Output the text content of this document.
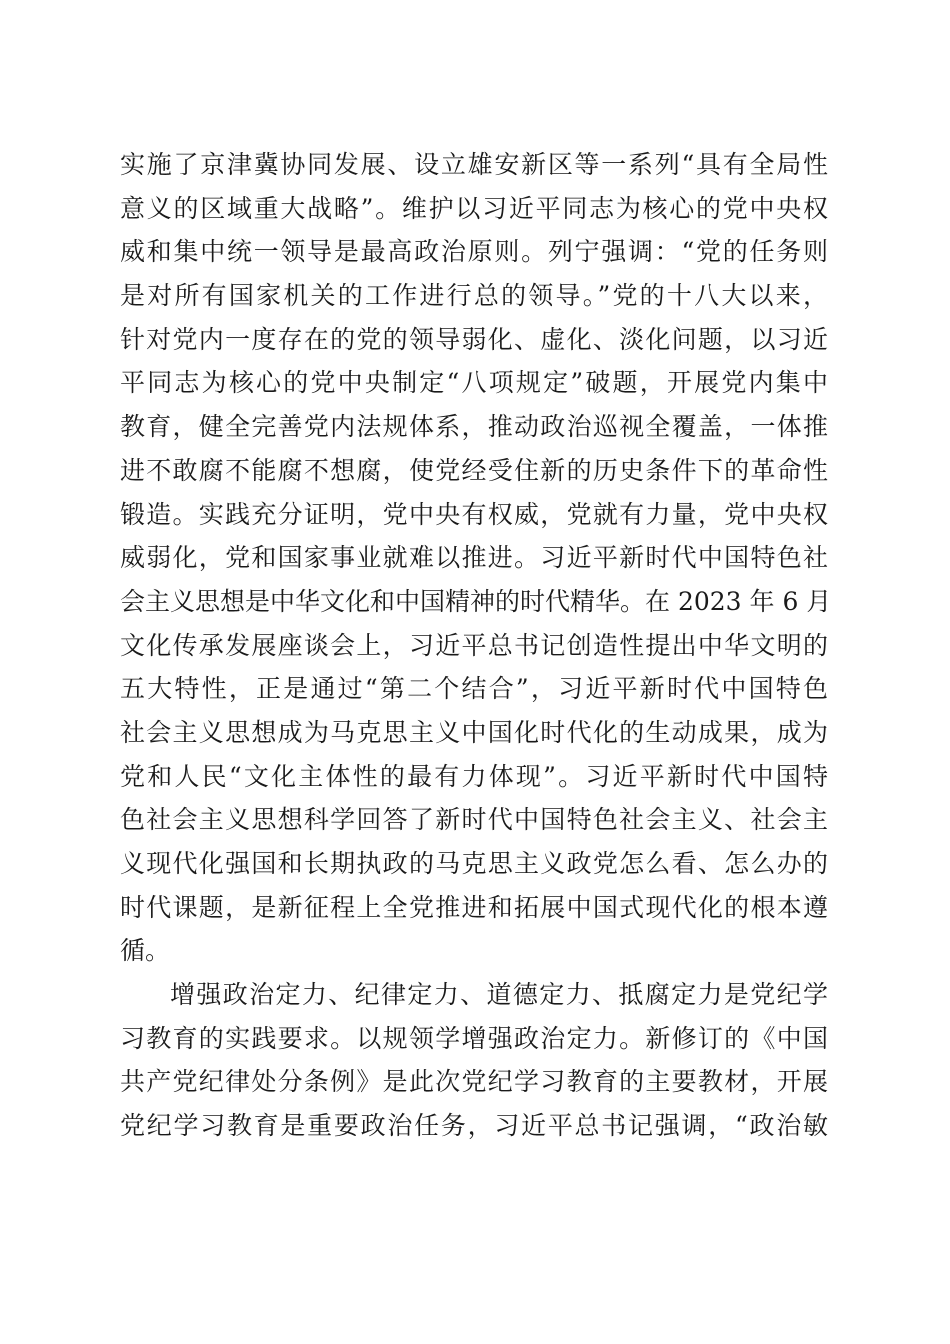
实施了京津冀协同发展、设立雄安新区等一系列“具有全局性
意义的区域重大战略”。维护以习近平同志为核心的党中央权
威和集中统一领导是最高政治原则。列宁强调：“党的任务则
是对所有国家机关的工作进行总的领导。”党的十八大以来，
针对党内一度存在的党的领导弱化、虚化、淡化问题，以习近
平同志为核心的党中央制定“八项规定”破题，开展党内集中
教育，健全完善党内法规体系，推动政治巡视全覆盖，一体推
进不敢腐不能腐不想腐，使党经受住新的历史条件下的革命性
锻造。实践充分证明，党中央有权威，党就有力量，党中央权
威弱化，党和国家事业就难以推进。习近平新时代中国特色社
会主义思想是中华文化和中国精神的时代精华。在 2023 年 6 月
文化传承发展座谈会上，习近平总书记创造性提出中华文明的
五大特性，正是通过“第二个结合”，习近平新时代中国特色
社会主义思想成为马克思主义中国化时代化的生动成果，成为
党和人民“文化主体性的最有力体现”。习近平新时代中国特
色社会主义思想科学回答了新时代中国特色社会主义、社会主
义现代化强国和长期执政的马克思主义政党怎么看、怎么办的
时代课题，是新征程上全党推进和拓展中国式现代化的根本遵
循。
增强政治定力、纪律定力、道德定力、抵腐定力是党纪学
习教育的实践要求。以规领学增强政治定力。新修订的《中国
共产党纪律处分条例》是此次党纪学习教育的主要教材，开展
党纪学习教育是重要政治任务，习近平总书记强调，“政治敏
